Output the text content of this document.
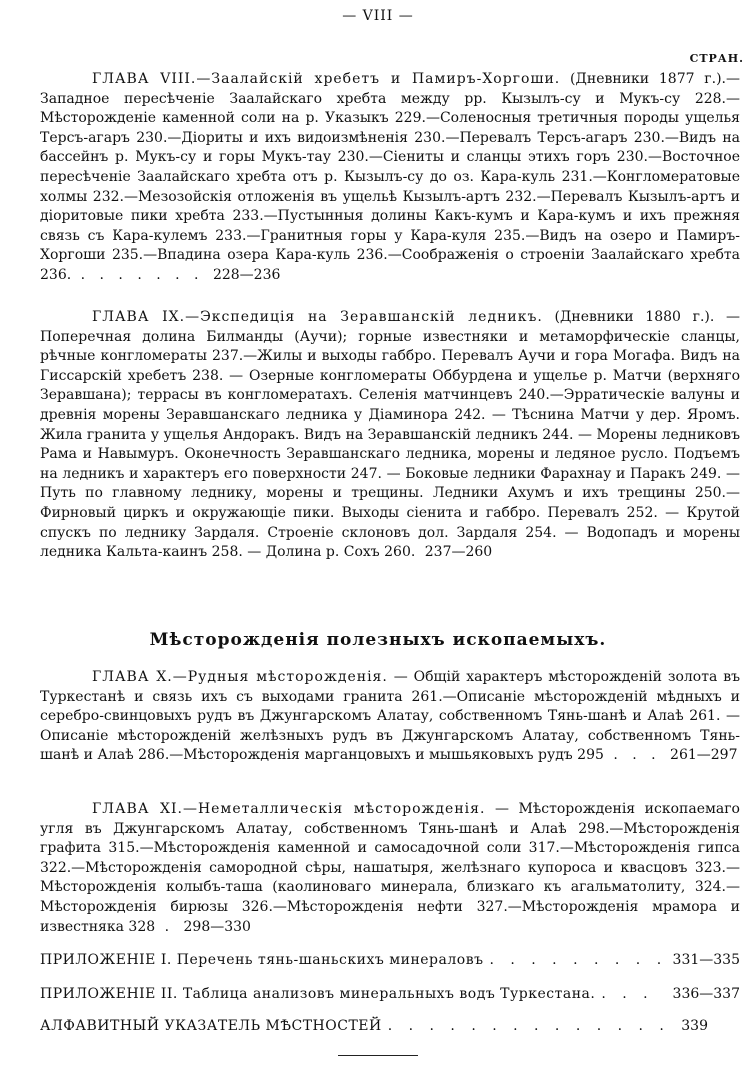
— VIII —
СТРАН.

ГЛАВА VIII.—Заалайскій хребетъ и Памиръ-Хоргоши. (Дневники 1877 г.).—Западное пересѣченіе Заалайскаго хребта между рр. Кызылъ-су и Мукъ-су 228.—Мѣсторожденіе каменной соли на р. Указыкъ 229.—Соленосныя третичныя породы ущелья Терсъ-агаръ 230.—Діориты и ихъ видоизмѣненія 230.—Перевалъ Терсъ-агаръ 230.—Видъ на бассейнъ р. Мукъ-су и горы Мукъ-тау 230.—Сіениты и сланцы этихъ горъ 230.—Восточное пересѣченіе Заалайскаго хребта отъ р. Кызылъ-су до оз. Кара-куль 231.—Конгломератовые холмы 232.—Мезозойскія отложенія въ ущельѣ Кызылъ-артъ 232.—Перевалъ Кызылъ-артъ и діоритовые пики хребта 233.—Пустынныя долины Какъ-кумъ и Кара-кумъ и ихъ прежняя связь съ Кара-кулемъ 233.—Гранитныя горы у Кара-куля 235.—Видъ на озеро и Памиръ-Хоргоши 235.—Впадина озера Кара-куль 236.—Соображенія о строеніи Заалайскаго хребта 236. . . . . . . . 228—236

ГЛАВА IX.—Экспедиція на Зеравшанскій ледникъ. (Дневники 1880 г.). — Поперечная долина Билманды (Аучи); горные известняки и метаморфическіе сланцы, рѣчные конгломераты 237.—Жилы и выходы габбро. Перевалъ Аучи и гора Могафа. Видъ на Гиссарскій хребетъ 238. — Озерные конгломераты Оббурдена и ущелье р. Матчи (верхняго Зеравшана); террасы въ конгломератахъ. Селенія матчинцевъ 240.—Эрратическіе валуны и древнія морены Зеравшанскаго ледника у Діаминора 242. — Тѣснина Матчи у дер. Яромъ. Жила гранита у ущелья Андоракъ. Видъ на Зеравшанскій ледникъ 244. — Морены ледниковъ Рама и Навымуръ. Оконечность Зеравшанскаго ледника, морены и ледяное русло. Подъемъ на ледникъ и характеръ его поверхности 247. — Боковые ледники Фарахнау и Паракъ 249. — Путь по главному леднику, морены и трещины. Ледники Ахумъ и ихъ трещины 250.—Фирновый циркъ и окружающіе пики. Выходы сіенита и габбро. Перевалъ 252. — Крутой спускъ по леднику Зардаля. Строеніе склоновъ дол. Зардаля 254. — Водопадъ и морены ледника Кальта-каинъ 258. — Долина р. Сохъ 260. 237—260

Мѣсторожденія полезныхъ ископаемыхъ.

ГЛАВА X.—Рудныя мѣсторожденія. — Общій характеръ мѣсторожденій золота въ Туркестанѣ и связь ихъ съ выходами гранита 261.—Описаніе мѣсторожденій мѣдныхъ и серебро-свинцовыхъ рудъ въ Джунгарскомъ Алатау, собственномъ Тянь-шанѣ и Алаѣ 261. — Описаніе мѣсторожденій желѣзныхъ рудъ въ Джунгарскомъ Алатау, собственномъ Тянь-шанѣ и Алаѣ 286.—Мѣсторожденія марганцовыхъ и мышьяковыхъ рудъ 295 . . . 261—297

ГЛАВА XI.—Неметаллическія мѣсторожденія. — Мѣсторожденія ископаемаго угля въ Джунгарскомъ Алатау, собственномъ Тянь-шанѣ и Алаѣ 298.—Мѣсторожденія графита 315.—Мѣсторожденія каменной и самосадочной соли 317.—Мѣсторожденія гипса 322.—Мѣсторожденія самородной сѣры, нашатыря, желѣзнаго купороса и квасцовъ 323.—Мѣсторожденія колыбъ-таша (каолиноваго минерала, близкаго къ агальматолиту, 324.—Мѣсторожденія бирюзы 326.—Мѣсторожденія нефти 327.—Мѣсторожденія мрамора и известняка 328 . 298—330

ПРИЛОЖЕНІЕ I. Перечень тянь-шаньскихъ минераловъ . . . . . . . . . 331—335
ПРИЛОЖЕНІЕ II. Таблица анализовъ минеральныхъ водъ Туркестана. . . .	336—337
АЛФАВИТНЫЙ УКАЗАТЕЛЬ МѢСТНОСТЕЙ . . . . . . . . . . . . . . 339
